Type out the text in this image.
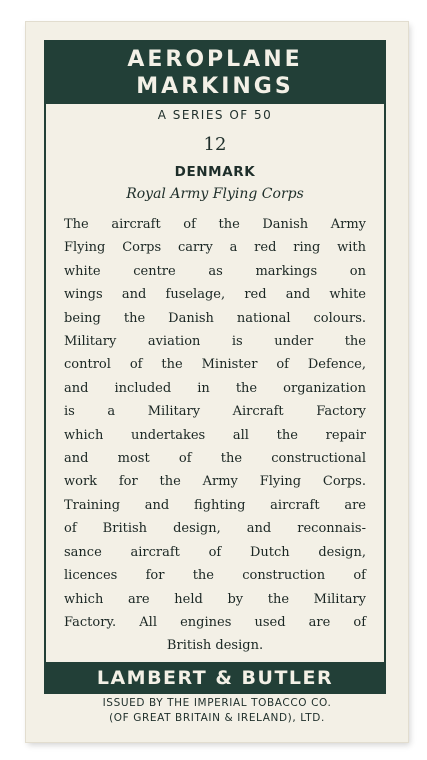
AEROPLANE
MARKINGS
A SERIES OF 50
12
DENMARK
Royal Army Flying Corps
The aircraft of the Danish Army
Flying Corps carry a red ring with
white centre as markings on
wings and fuselage, red and white
being the Danish national colours.
Military aviation is under the
control of the Minister of Defence,
and included in the organization
is a Military Aircraft Factory
which undertakes all the repair
and most of the constructional
work for the Army Flying Corps.
Training and fighting aircraft are
of British design, and reconnais-
sance aircraft of Dutch design,
licences for the construction of
which are held by the Military
Factory. All engines used are of
British design.
LAMBERT & BUTLER
ISSUED BY THE IMPERIAL TOBACCO CO.
(OF GREAT BRITAIN & IRELAND), LTD.
